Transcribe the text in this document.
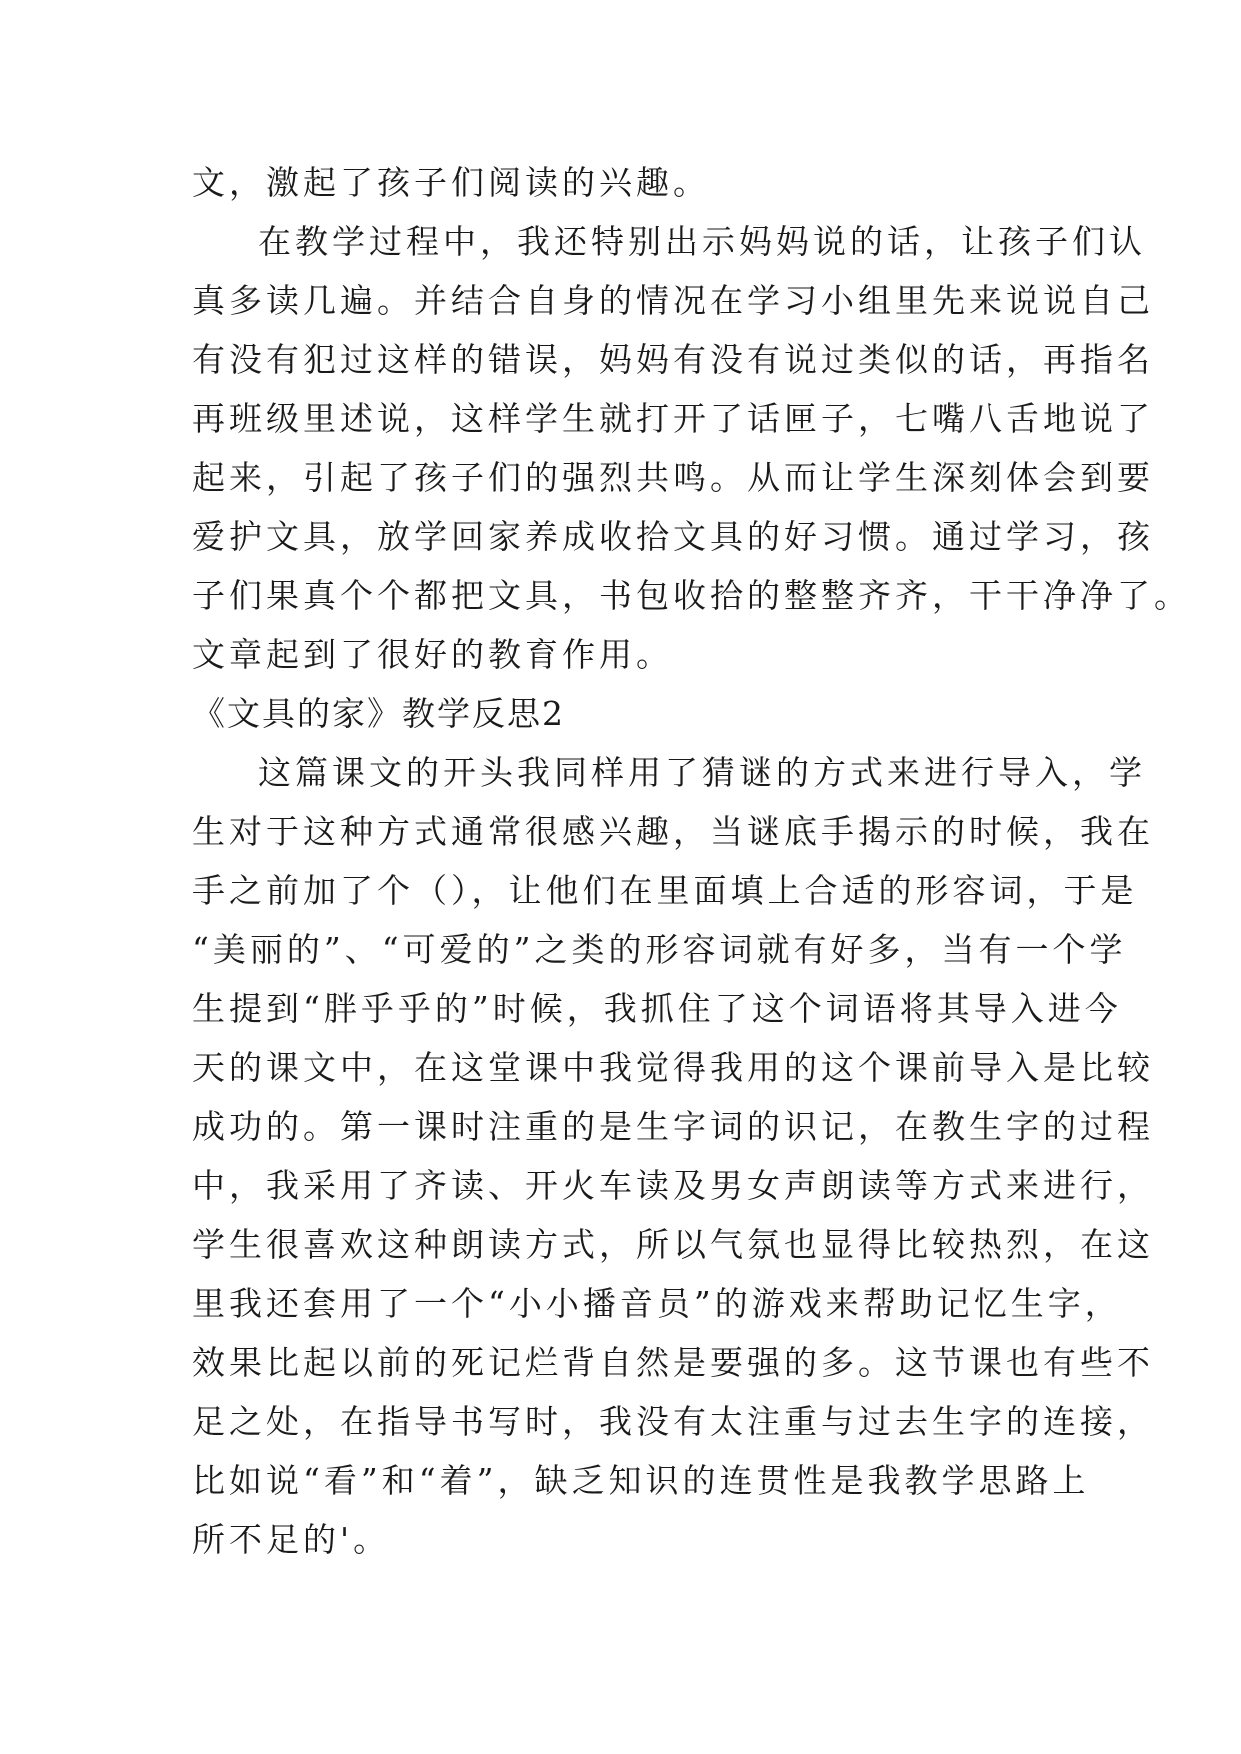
文，激起了孩子们阅读的兴趣。
在教学过程中，我还特别出示妈妈说的话，让孩子们认
真多读几遍。并结合自身的情况在学习小组里先来说说自己
有没有犯过这样的错误，妈妈有没有说过类似的话，再指名
再班级里述说，这样学生就打开了话匣子，七嘴八舌地说了
起来，引起了孩子们的强烈共鸣。从而让学生深刻体会到要
爱护文具，放学回家养成收拾文具的好习惯。通过学习，孩
子们果真个个都把文具，书包收拾的整整齐齐，干干净净了。
文章起到了很好的教育作用。
《文具的家》教学反思2
这篇课文的开头我同样用了猜谜的方式来进行导入，学
生对于这种方式通常很感兴趣，当谜底手揭示的时候，我在
手之前加了个（），让他们在里面填上合适的形容词，于是
“美丽的”、“可爱的”之类的形容词就有好多，当有一个学
生提到“胖乎乎的”时候，我抓住了这个词语将其导入进今
天的课文中，在这堂课中我觉得我用的这个课前导入是比较
成功的。第一课时注重的是生字词的识记，在教生字的过程
中，我采用了齐读、开火车读及男女声朗读等方式来进行，
学生很喜欢这种朗读方式，所以气氛也显得比较热烈，在这
里我还套用了一个“小小播音员”的游戏来帮助记忆生字，
效果比起以前的死记烂背自然是要强的多。这节课也有些不
足之处，在指导书写时，我没有太注重与过去生字的连接，
比如说“看”和“着”，缺乏知识的连贯性是我教学思路上
所不足的'。
